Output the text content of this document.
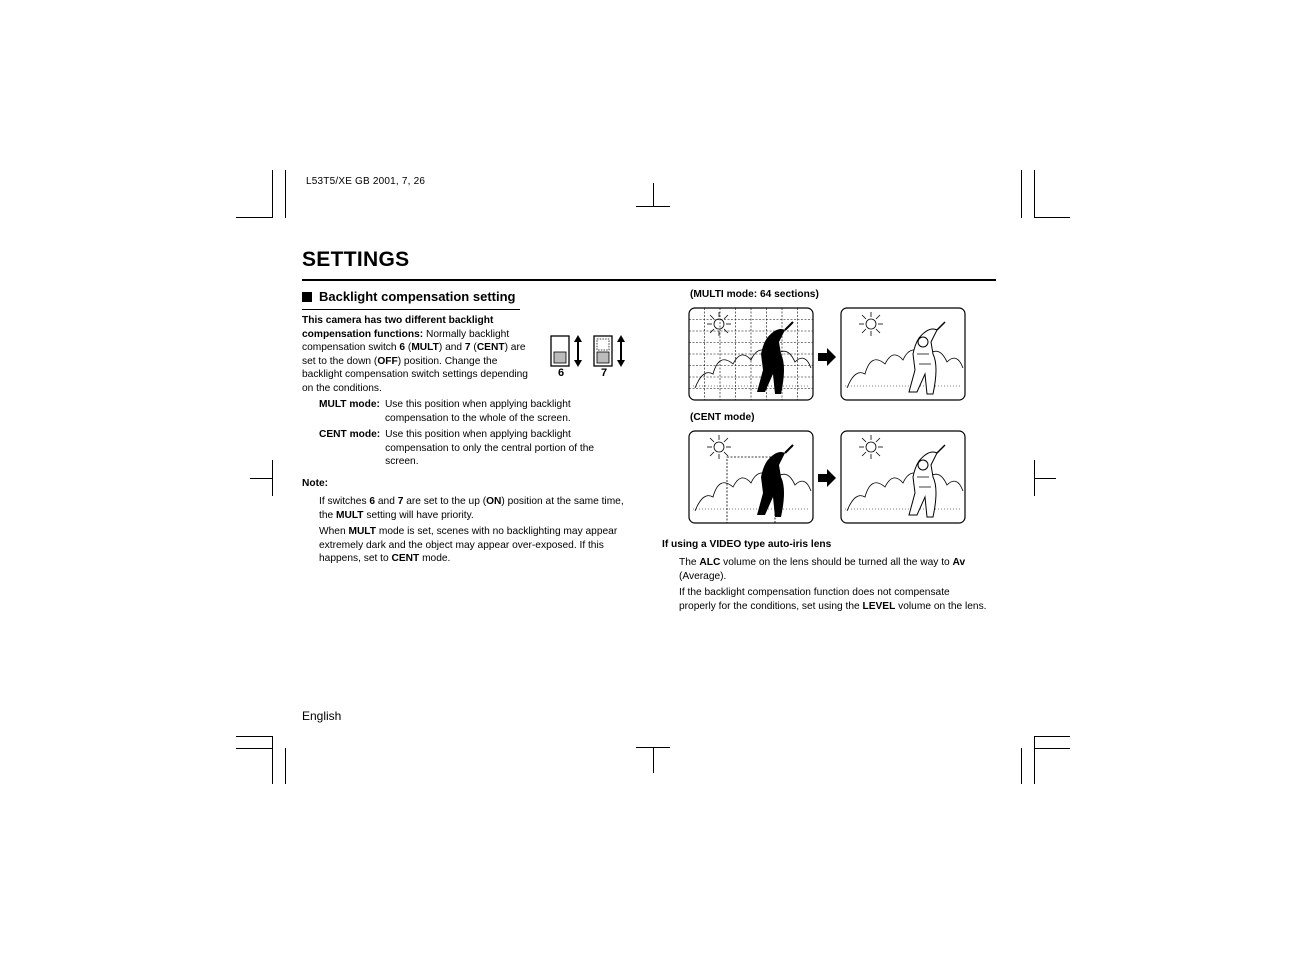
L53T5/XE GB 2001, 7, 26
SETTINGS
Backlight compensation setting
This camera has two different backlight compensation functions: Normally backlight compensation switch 6 (MULT) and 7 (CENT) are set to the down (OFF) position. Change the backlight compensation switch settings depending on the conditions.
6	7
MULT mode: Use this position when applying backlight compensation to the whole of the screen.
CENT mode: Use this position when applying backlight compensation to only the central portion of the screen.
Note:
If switches 6 and 7 are set to the up (ON) position at the same time, the MULT setting will have priority.
When MULT mode is set, scenes with no backlighting may appear extremely dark and the object may appear over-exposed. If this happens, set to CENT mode.
(MULTI mode: 64 sections)
(CENT mode)
If using a VIDEO type auto-iris lens
The ALC volume on the lens should be turned all the way to Av (Average).
If the backlight compensation function does not compensate properly for the conditions, set using the LEVEL volume on the lens.
English
